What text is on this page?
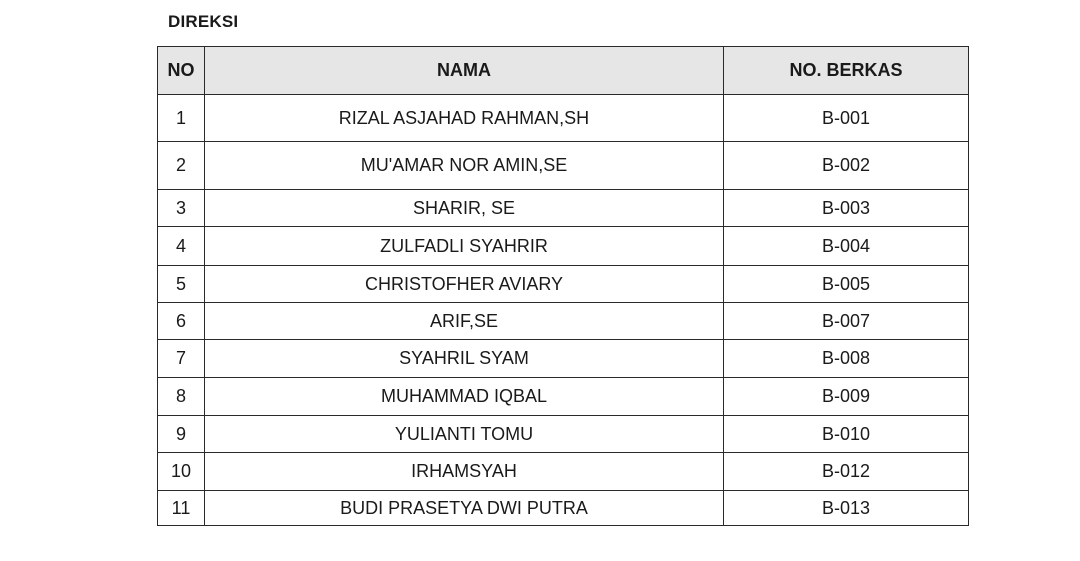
DIREKSI
NO	NAMA	NO. BERKAS
1	RIZAL ASJAHAD RAHMAN,SH	B-001
2	MU'AMAR NOR AMIN,SE	B-002
3	SHARIR, SE	B-003
4	ZULFADLI SYAHRIR	B-004
5	CHRISTOFHER AVIARY	B-005
6	ARIF,SE	B-007
7	SYAHRIL SYAM	B-008
8	MUHAMMAD IQBAL	B-009
9	YULIANTI TOMU	B-010
10	IRHAMSYAH	B-012
11	BUDI PRASETYA DWI PUTRA	B-013
